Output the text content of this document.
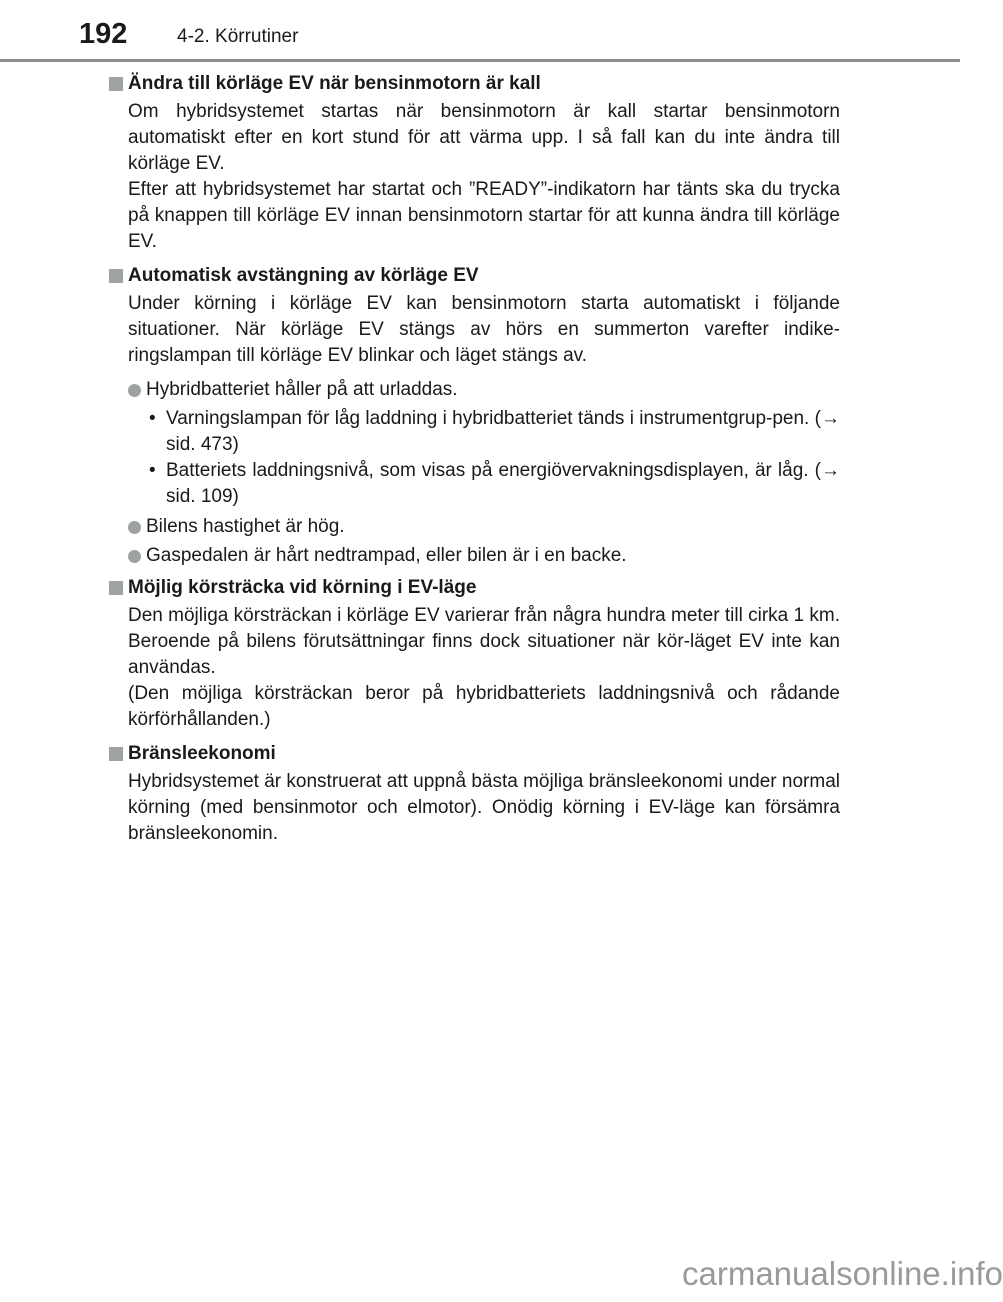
192	4-2. Körrutiner
Ändra till körläge EV när bensinmotorn är kall
Om hybridsystemet startas när bensinmotorn är kall startar bensinmotorn automatiskt efter en kort stund för att värma upp. I så fall kan du inte ändra till körläge EV.
Efter att hybridsystemet har startat och ”READY”-indikatorn har tänts ska du trycka på knappen till körläge EV innan bensinmotorn startar för att kunna ändra till körläge EV.
Automatisk avstängning av körläge EV
Under körning i körläge EV kan bensinmotorn starta automatiskt i följande situationer. När körläge EV stängs av hörs en summerton varefter indike-ringslampan till körläge EV blinkar och läget stängs av.
Hybridbatteriet håller på att urladdas.
• Varningslampan för låg laddning i hybridbatteriet tänds i instrumentgrup-pen. (→ sid. 473)
• Batteriets laddningsnivå, som visas på energiövervakningsdisplayen, är låg. (→ sid. 109)
Bilens hastighet är hög.
Gaspedalen är hårt nedtrampad, eller bilen är i en backe.
Möjlig körsträcka vid körning i EV-läge
Den möjliga körsträckan i körläge EV varierar från några hundra meter till cirka 1 km. Beroende på bilens förutsättningar finns dock situationer när kör-läget EV inte kan användas.
(Den möjliga körsträckan beror på hybridbatteriets laddningsnivå och rådande körförhållanden.)
Bränsleekonomi
Hybridsystemet är konstruerat att uppnå bästa möjliga bränsleekonomi under normal körning (med bensinmotor och elmotor). Onödig körning i EV-läge kan försämra bränsleekonomin.
carmanualsonline.info
